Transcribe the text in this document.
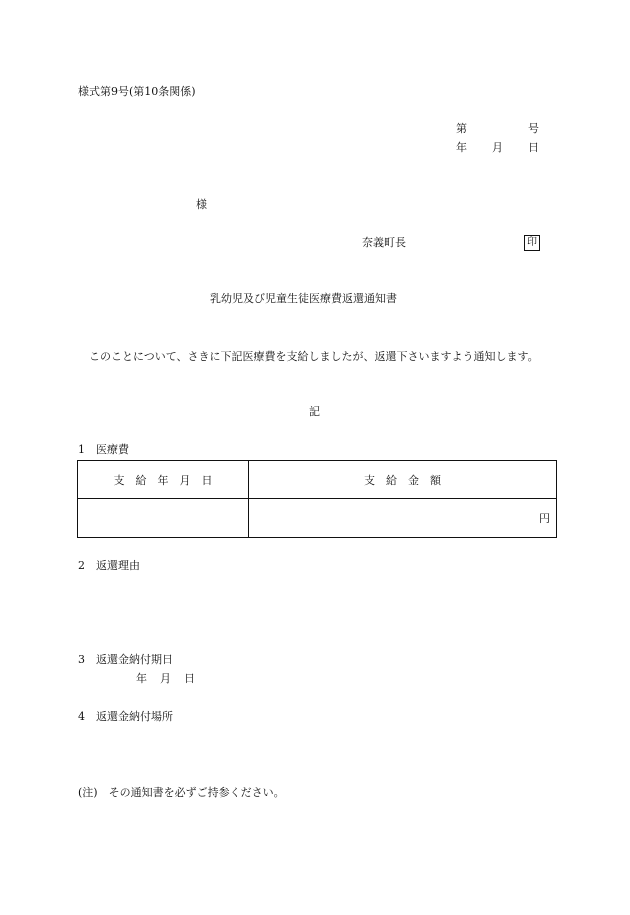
様式第9号(第10条関係)
第	号
年 月 日
様
奈義町長	印
乳幼児及び児童生徒医療費返還通知書
このことについて、さきに下記医療費を支給しましたが、返還下さいますよう通知します。
記
1　医療費
支　給　年　月　日	支　給　金　額
	円
2　返還理由
3　返還金納付期日
年 月 日
4　返還金納付場所
(注)　その通知書を必ずご持参ください。
